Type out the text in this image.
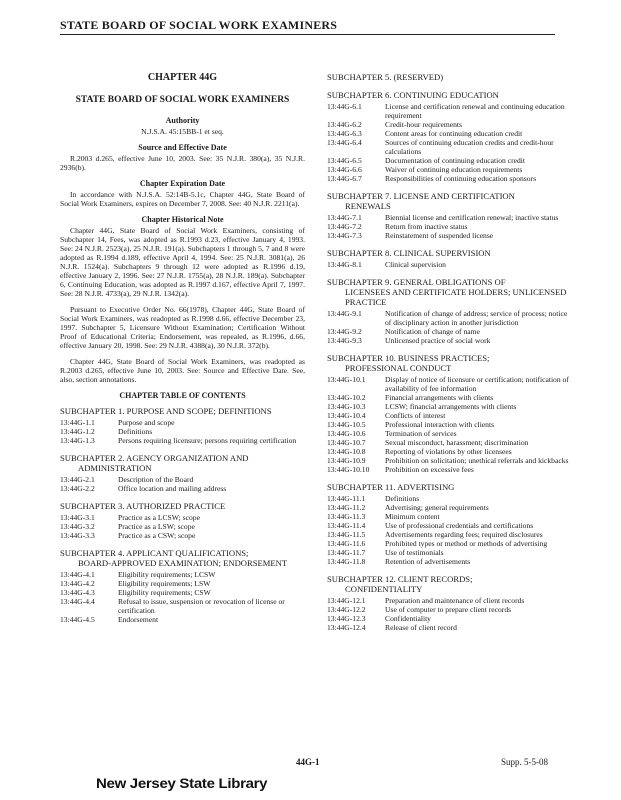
STATE BOARD OF SOCIAL WORK EXAMINERS
CHAPTER 44G
STATE BOARD OF SOCIAL WORK EXAMINERS
Authority
N.J.S.A. 45:15BB-1 et seq.
Source and Effective Date
R.2003 d.265, effective June 10, 2003. See: 35 N.J.R. 380(a), 35 N.J.R. 2936(b).
Chapter Expiration Date
In accordance with N.J.S.A. 52:14B-5.1c, Chapter 44G, State Board of Social Work Examiners, expires on December 7, 2008. See: 40 N.J.R. 2211(a).
Chapter Historical Note
Chapter 44G, State Board of Social Work Examiners, consisting of Subchapter 14, Fees, was adopted as R.1993 d.23, effective January 4, 1993. See: 24 N.J.R. 2523(a), 25 N.J.R. 191(a). Subchapters 1 through 5, 7 and 8 were adopted as R.1994 d.189, effective April 4, 1994. See: 25 N.J.R. 3081(a), 26 N.J.R. 1524(a). Subchapters 9 through 12 were adopted as R.1996 d.19, effective January 2, 1996. See: 27 N.J.R. 1755(a), 28 N.J.R. 189(a). Subchapter 6, Continuing Education, was adopted as R.1997 d.167, effective April 7, 1997. See: 28 N.J.R. 4733(a), 29 N.J.R. 1342(a).
Pursuant to Executive Order No. 66(1978), Chapter 44G, State Board of Social Work Examiners, was readopted as R.1998 d.66, effective December 23, 1997. Subchapter 5, Licensure Without Examination; Certification Without Proof of Educational Criteria; Endorsement, was repealed, as R.1996, d.66, effective January 20, 1998. See: 29 N.J.R. 4388(a), 30 N.J.R. 372(b).
Chapter 44G, State Board of Social Work Examiners, was readopted as R.2003 d.265, effective June 10, 2003. See: Source and Effective Date. See, also, section annotations.
CHAPTER TABLE OF CONTENTS
SUBCHAPTER 1. PURPOSE AND SCOPE; DEFINITIONS
13:44G-1.1	Purpose and scope
13:44G-1.2	Definitions
13:44G-1.3	Persons requiring licensure; persons requiring certification
SUBCHAPTER 2. AGENCY ORGANIZATION AND
ADMINISTRATION
13:44G-2.1	Description of the Board
13:44G-2.2	Office location and mailing address
SUBCHAPTER 3. AUTHORIZED PRACTICE
13:44G-3.1	Practice as a LCSW; scope
13:44G-3.2	Practice as a LSW; scope
13:44G-3.3	Practice as a CSW; scope
SUBCHAPTER 4. APPLICANT QUALIFICATIONS;
BOARD-APPROVED EXAMINATION; ENDORSEMENT
13:44G-4.1	Eligibility requirements; LCSW
13:44G-4.2	Eligibility requirements; LSW
13:44G-4.3	Eligibility requirements; CSW
13:44G-4.4	Refusal to issue, suspension or revocation of license or certification
13:44G-4.5	Endorsement
SUBCHAPTER 5. (RESERVED)
SUBCHAPTER 6. CONTINUING EDUCATION
13:44G-6.1	License and certification renewal and continuing education requirement
13:44G-6.2	Credit-hour requirements
13:44G-6.3	Content areas for continuing education credit
13:44G-6.4	Sources of continuing education credits and credit-hour calculations
13:44G-6.5	Documentation of continuing education credit
13:44G-6.6	Waiver of continuing education requirements
13:44G-6.7	Responsibilities of continuing education sponsors
SUBCHAPTER 7. LICENSE AND CERTIFICATION
RENEWALS
13:44G-7.1	Biennial license and certification renewal; inactive status
13:44G-7.2	Return from inactive status
13:44G-7.3	Reinstatement of suspended license
SUBCHAPTER 8. CLINICAL SUPERVISION
13:44G-8.1	Clinical supervision
SUBCHAPTER 9. GENERAL OBLIGATIONS OF
LICENSEES AND CERTIFICATE HOLDERS; UNLICENSED PRACTICE
13:44G-9.1	Notification of change of address; service of process; notice of disciplinary action in another jurisdiction
13:44G-9.2	Notification of change of name
13:44G-9.3	Unlicensed practice of social work
SUBCHAPTER 10. BUSINESS PRACTICES;
PROFESSIONAL CONDUCT
13:44G-10.1	Display of notice of licensure or certification; notification of availability of fee information
13:44G-10.2	Financial arrangements with clients
13:44G-10.3	LCSW; financial arrangements with clients
13:44G-10.4	Conflicts of interest
13:44G-10.5	Professional interaction with clients
13:44G-10.6	Termination of services
13:44G-10.7	Sexual misconduct, harassment; discrimination
13:44G-10.8	Reporting of violations by other licensees
13:44G-10.9	Prohibition on solicitation; unethical referrals and kickbacks
13:44G-10.10	Prohibition on excessive fees
SUBCHAPTER 11. ADVERTISING
13:44G-11.1	Definitions
13:44G-11.2	Advertising; general requirements
13:44G-11.3	Minimum content
13:44G-11.4	Use of professional credentials and certifications
13:44G-11.5	Advertisements regarding fees; required disclosures
13:44G-11.6	Prohibited types or method or methods of advertising
13:44G-11.7	Use of testimonials
13:44G-11.8	Retention of advertisements
SUBCHAPTER 12. CLIENT RECORDS;
CONFIDENTIALITY
13:44G-12.1	Preparation and maintenance of client records
13:44G-12.2	Use of computer to prepare client records
13:44G-12.3	Confidentiality
13:44G-12.4	Release of client record
44G-1	Supp. 5-5-08
New Jersey State Library
